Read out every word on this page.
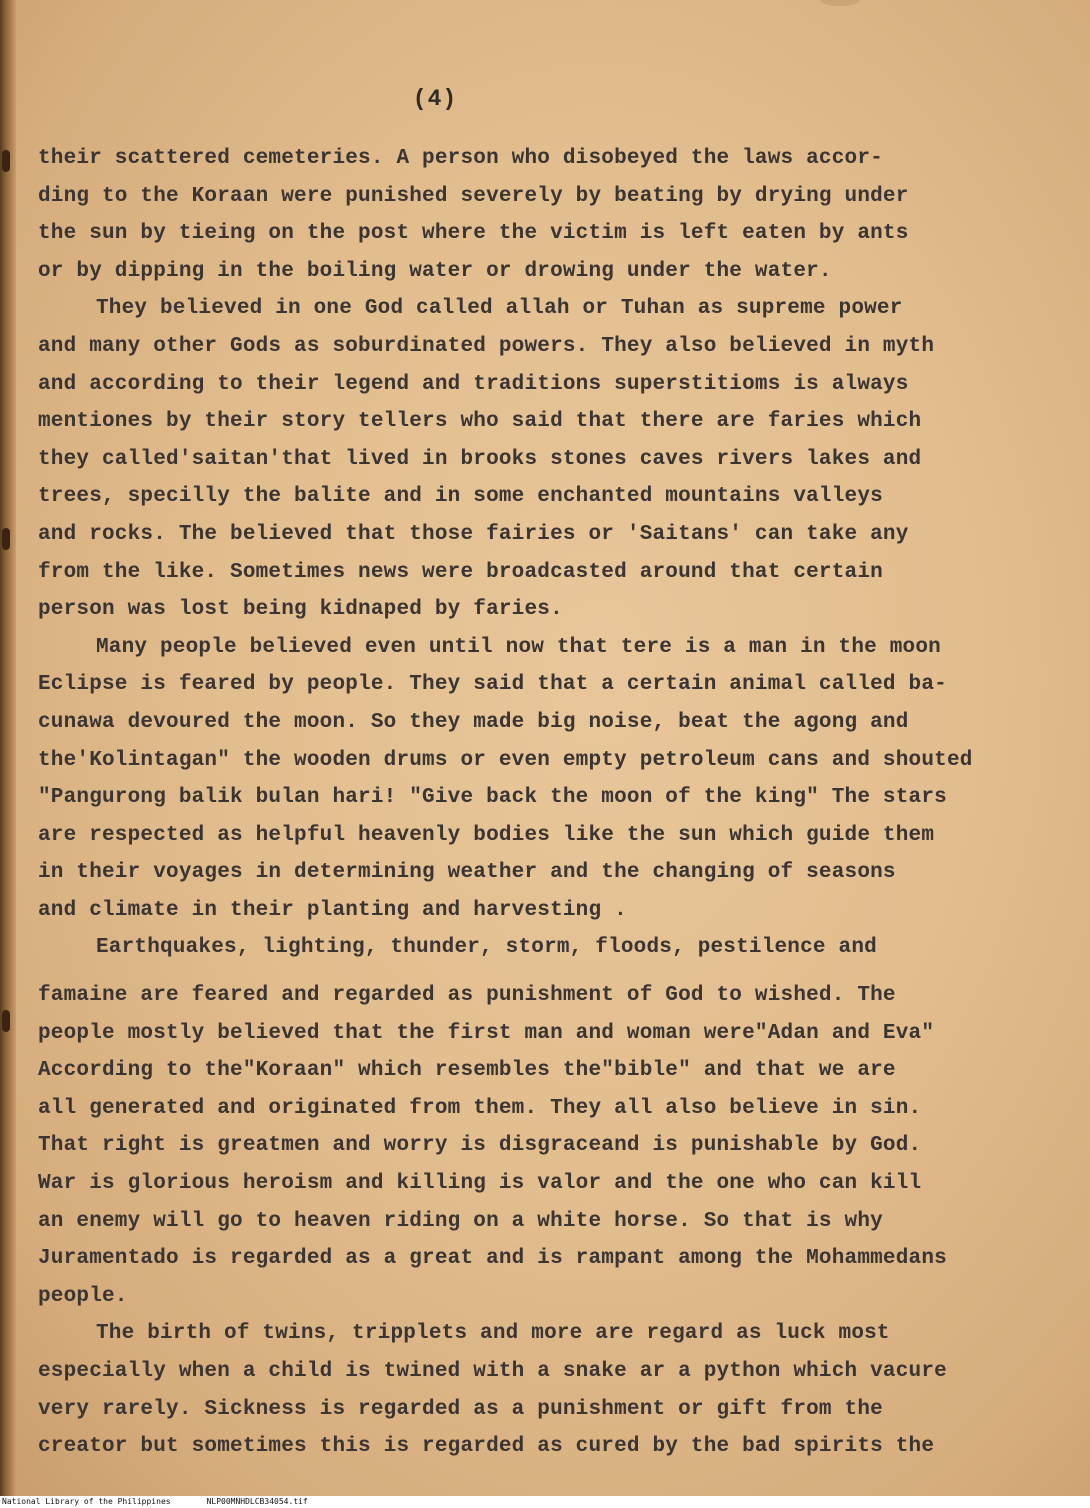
(4)
their scattered cemeteries. A person who disobeyed the laws accor-
ding to the Koraan were punished severely by beating by drying under
the sun by tieing on the post where the victim is left eaten by ants
or by dipping in the boiling water or drowing under the water.
They believed in one God called allah or Tuhan as supreme power
and many other Gods as soburdinated powers. They also believed in myth
and according to their legend and traditions superstitioms is always
mentiones by their story tellers who said that there are faries which
they called'saitan'that lived in brooks stones caves rivers lakes and
trees, specilly the balite and in some enchanted mountains valleys
and rocks. The believed that those fairies or 'Saitans' can take any
from the like. Sometimes news were broadcasted around that certain
person was lost being kidnaped by faries.
Many people believed even until now that tere is a man in the moon
Eclipse is feared by people. They said that a certain animal called ba-
cunawa devoured the moon. So they made big noise, beat the agong and
the'Kolintagan" the wooden drums or even empty petroleum cans and shouted
"Pangurong balik bulan hari! "Give back the moon of the king" The stars
are respected as helpful heavenly bodies like the sun which guide them
in their voyages in determining weather and the changing of seasons
and climate in their planting and harvesting .
Earthquakes, lighting, thunder, storm, floods, pestilence and
famaine are feared and regarded as punishment of God to wished. The
people mostly believed that the first man and woman were"Adan and Eva"
According to the"Koraan" which resembles the"bible" and that we are
all generated and originated from them. They all also believe in sin.
That right is greatmen and worry is disgraceand is punishable by God.
War is glorious heroism and killing is valor and the one who can kill
an enemy will go to heaven riding on a white horse. So that is why
Juramentado is regarded as a great and is rampant among the Mohammedans
people.
The birth of twins, tripplets and more are regard as luck most
especially when a child is twined with a snake ar a python which vacure
very rarely. Sickness is regarded as a punishment or gift from the
creator but sometimes this is regarded as cured by the bad spirits the
National Library of the Philippines	NLP00MNHDLCB34054.tif
